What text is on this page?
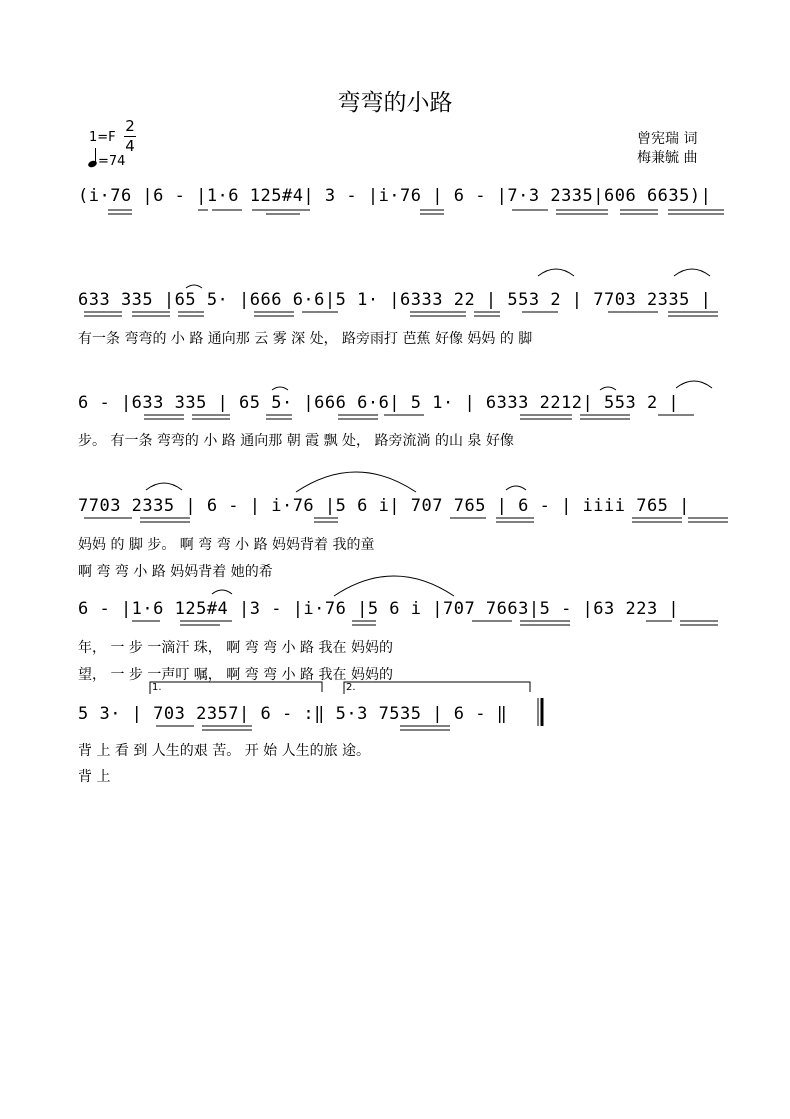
弯弯的小路
1=F
2
4
=74
曾宪瑞 词
梅兼毓 曲
(i·76 |6 - |1·6 125#4| 3 - |i·76 | 6 - |7·3 2335|606 6635)|
633 335 |65 5· |666 6·6|5 1· |6333 22 | 553 2 | 7703 2335 |
有一条 弯弯的 小 路 通向那 云 雾 深 处， 路旁雨打 芭蕉 好像 妈妈 的 脚
6 - |633 335 | 65 5· |666 6·6| 5 1· | 6333 2212| 553 2 |
步。 有一条 弯弯的 小 路 通向那 朝 霞 飘 处， 路旁流淌 的山 泉 好像
7703 2335 | 6 - | i·76 |5 6 i| 707 765 | 6 - | iiii 765 |
妈妈 的 脚 步。 啊 弯 弯 小 路 妈妈背着 我的童
啊 弯 弯 小 路 妈妈背着 她的希
6 - |1·6 125#4 |3 - |i·76 |5 6 i |707 7663|5 - |63 223 |
年， 一 步 一滴汗 珠， 啊 弯 弯 小 路 我在 妈妈的
望， 一 步 一声叮 嘱， 啊 弯 弯 小 路 我在 妈妈的
1.	2.
5 3· | 703 2357| 6 - :‖ 5·3 7535 | 6 - ‖
背 上 看 到 人生的艰 苦。 开 始 人生的旅 途。
背 上
